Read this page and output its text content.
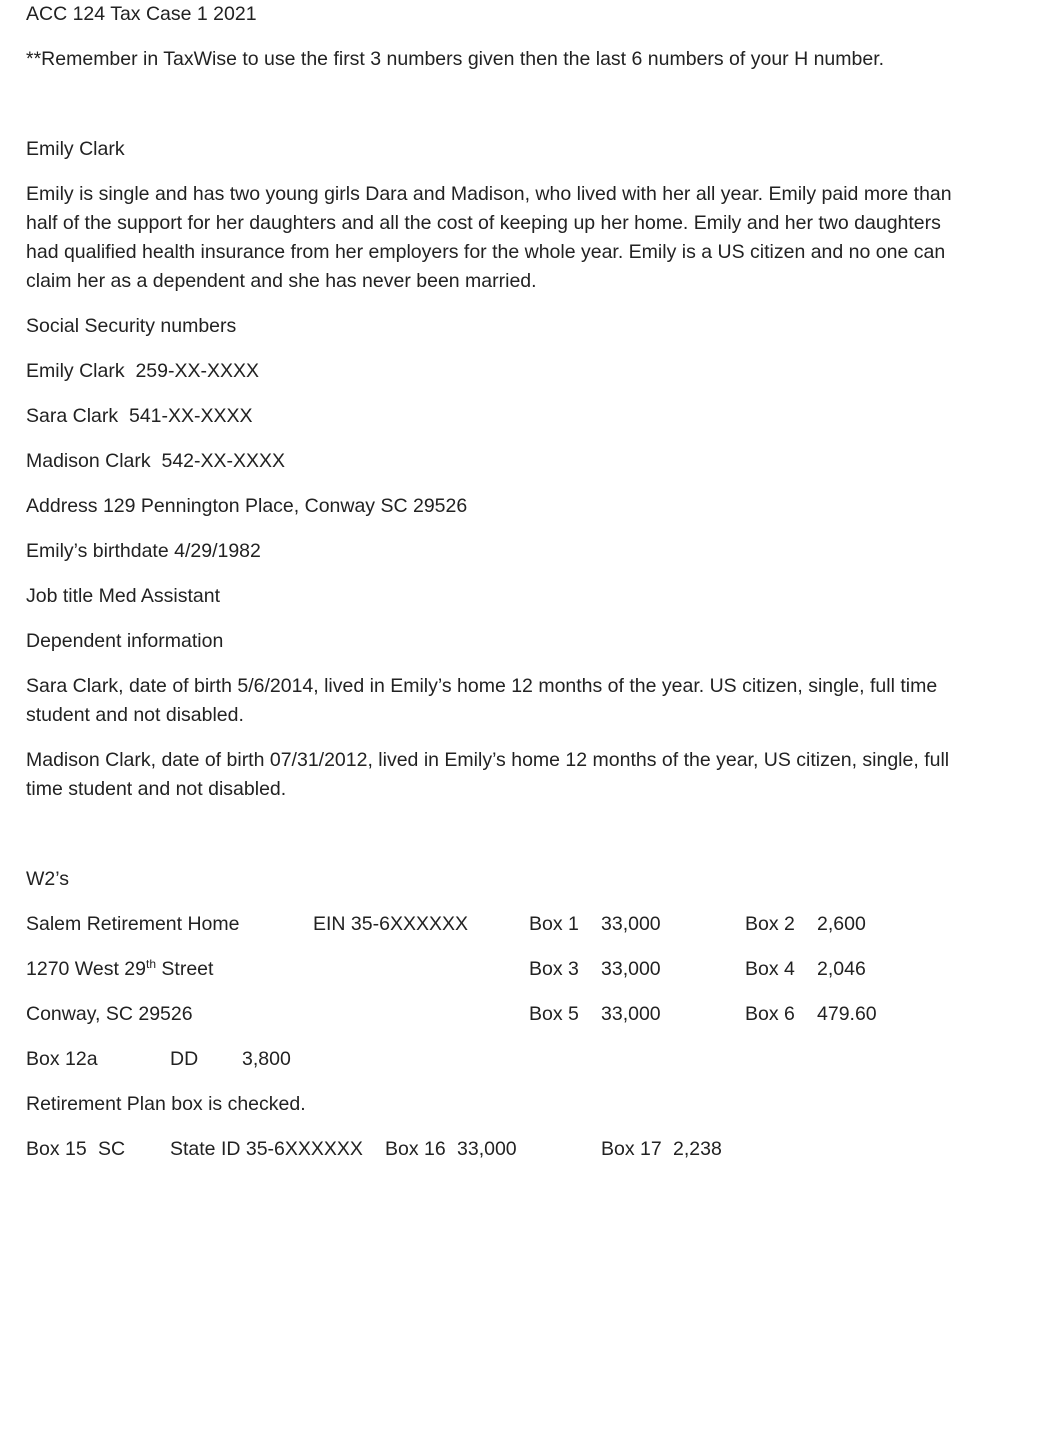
ACC 124 Tax Case 1 2021
**Remember in TaxWise to use the first 3 numbers given then the last 6 numbers of your H number.
Emily Clark
Emily is single and has two young girls Dara and Madison, who lived with her all year. Emily paid more than half of the support for her daughters and all the cost of keeping up her home. Emily and her two daughters had qualified health insurance from her employers for the whole year. Emily is a US citizen and no one can claim her as a dependent and she has never been married.
Social Security numbers
Emily Clark 259-XX-XXXX
Sara Clark 541-XX-XXXX
Madison Clark 542-XX-XXXX
Address 129 Pennington Place, Conway SC 29526
Emily’s birthdate 4/29/1982
Job title Med Assistant
Dependent information
Sara Clark, date of birth 5/6/2014, lived in Emily’s home 12 months of the year. US citizen, single, full time student and not disabled.
Madison Clark, date of birth 07/31/2012, lived in Emily’s home 12 months of the year, US citizen, single, full time student and not disabled.
W2’s
Salem Retirement Home	EIN 35-6XXXXXX	Box 1 33,000	Box 2 2,600
1270 West 29th Street	Box 3 33,000	Box 4 2,046
Conway, SC 29526	Box 5 33,000	Box 6 479.60
Box 12a	DD 3,800
Retirement Plan box is checked.
Box 15 SC State ID 35-6XXXXXX Box 16 33,000	Box 17 2,238
